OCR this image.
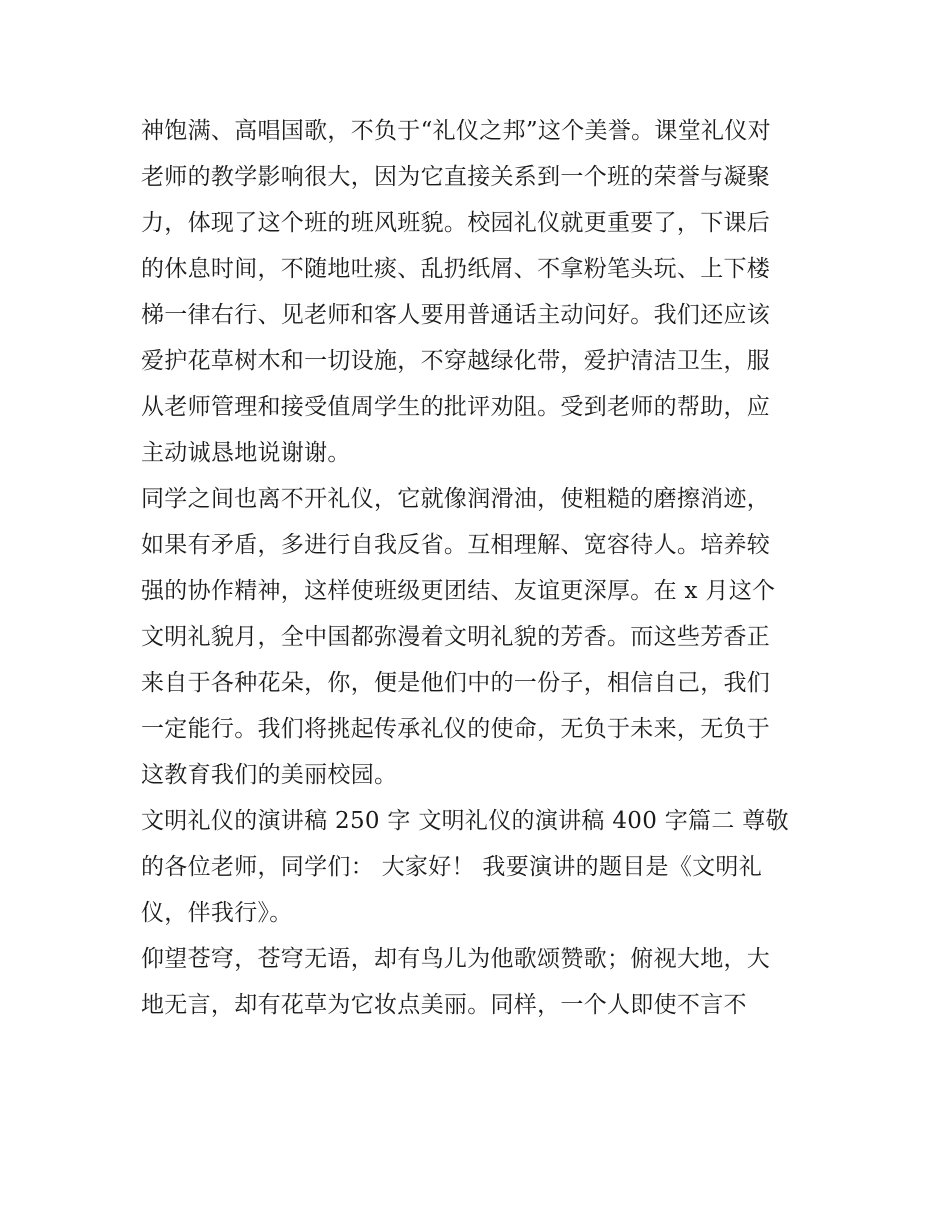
神饱满、高唱国歌，不负于“礼仪之邦”这个美誉。课堂礼仪对
老师的教学影响很大，因为它直接关系到一个班的荣誉与凝聚
力，体现了这个班的班风班貌。校园礼仪就更重要了，下课后
的休息时间，不随地吐痰、乱扔纸屑、不拿粉笔头玩、上下楼
梯一律右行、见老师和客人要用普通话主动问好。我们还应该
爱护花草树木和一切设施，不穿越绿化带，爱护清洁卫生，服
从老师管理和接受值周学生的批评劝阻。受到老师的帮助，应
主动诚恳地说谢谢。
同学之间也离不开礼仪，它就像润滑油，使粗糙的磨擦消迹，
如果有矛盾，多进行自我反省。互相理解、宽容待人。培养较
强的协作精神，这样使班级更团结、友谊更深厚。在 x 月这个
文明礼貌月，全中国都弥漫着文明礼貌的芳香。而这些芳香正
来自于各种花朵，你，便是他们中的一份子，相信自己，我们
一定能行。我们将挑起传承礼仪的使命，无负于未来，无负于
这教育我们的美丽校园。
文明礼仪的演讲稿 250 字 文明礼仪的演讲稿 400 字篇二 尊敬
的各位老师，同学们： 大家好！ 我要演讲的题目是《文明礼
仪，伴我行》。
仰望苍穹，苍穹无语，却有鸟儿为他歌颂赞歌；俯视大地，大
地无言，却有花草为它妆点美丽。同样，一个人即使不言不
